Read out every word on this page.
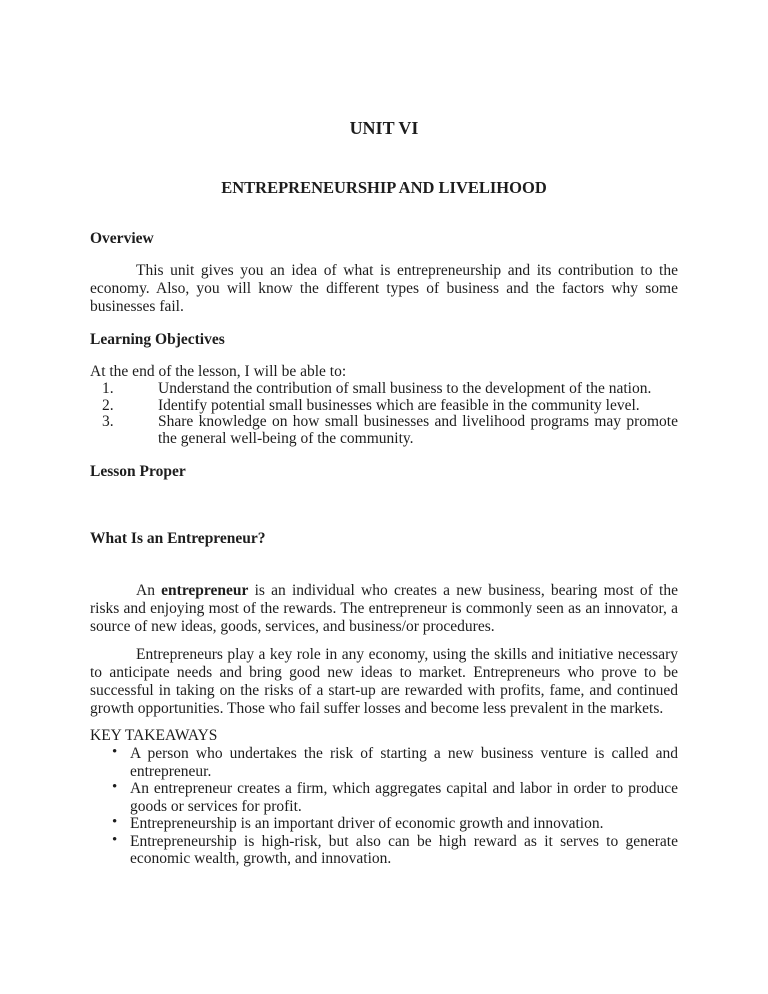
UNIT VI
ENTREPRENEURSHIP AND LIVELIHOOD
Overview

This unit gives you an idea of what is entrepreneurship and its contribution to the economy. Also, you will know the different types of business and the factors why some businesses fail.

Learning Objectives

At the end of the lesson, I will be able to:

1.	Understand the contribution of small business to the development of the nation.
2.	Identify potential small businesses which are feasible in the community level.
3.	Share knowledge on how small businesses and livelihood programs may promote the general well-being of the community.
Lesson Proper
What Is an Entrepreneur?

An entrepreneur is an individual who creates a new business, bearing most of the risks and enjoying most of the rewards. The entrepreneur is commonly seen as an innovator, a source of new ideas, goods, services, and business/or procedures.

Entrepreneurs play a key role in any economy, using the skills and initiative necessary to anticipate needs and bring good new ideas to market. Entrepreneurs who prove to be successful in taking on the risks of a start-up are rewarded with profits, fame, and continued growth opportunities. Those who fail suffer losses and become less prevalent in the markets.

KEY TAKEAWAYS

• A person who undertakes the risk of starting a new business venture is called and entrepreneur.
• An entrepreneur creates a firm, which aggregates capital and labor in order to produce goods or services for profit.
• Entrepreneurship is an important driver of economic growth and innovation.
• Entrepreneurship is high-risk, but also can be high reward as it serves to generate economic wealth, growth, and innovation.
